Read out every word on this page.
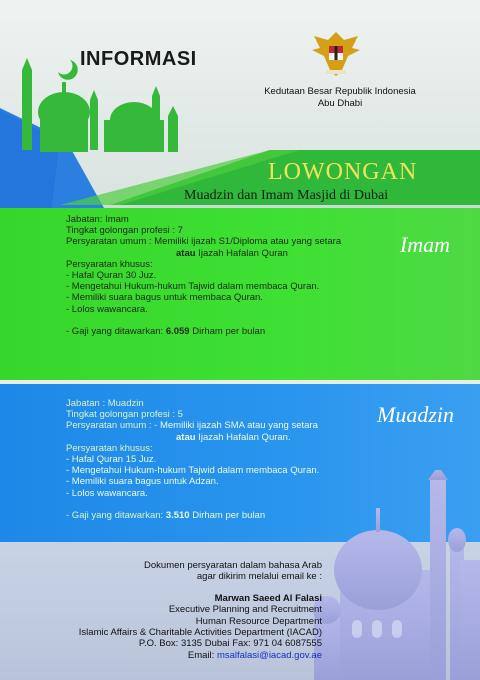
INFORMASI
Kedutaan Besar Republik Indonesia
Abu Dhabi
LOWONGAN
Muadzin dan Imam Masjid di Dubai
Imam
Jabatan: Imam
Tingkat golongan profesi : 7
Persyaratan umum : Memiliki ijazah S1/Diploma atau yang setara
atau Ijazah Hafalan Quran
Persyaratan khusus:
- Hafal Quran 30 Juz.
- Mengetahui Hukum-hukum Tajwid dalam membaca Quran.
- Memiliki suara bagus untuk membaca Quran.
- Lolos wawancara.
- Gaji yang ditawarkan: 6.059 Dirham per bulan
Muadzin
Jabatan : Muadzin
Tingkat golongan profesi : 5
Persyaratan umum : - Memiliki ijazah SMA atau yang setara
atau Ijazah Hafalan Quran.
Persyaratan khusus:
- Hafal Quran 15 Juz.
- Mengetahui Hukum-hukum Tajwid dalam membaca Quran.
- Memiliki suara bagus untuk Adzan.
- Lolos wawancara.
- Gaji yang ditawarkan: 3.510 Dirham per bulan
Dokumen persyaratan dalam bahasa Arab
agar dikirim melalui email ke :
Marwan Saeed Al Falasi
Executive Planning and Recruitment
Human Resource Department
Islamic Affairs & Charitable Activities Department (IACAD)
P.O. Box: 3135 Dubai Fax: 971 04 6087555
Email: msalfalasi@iacad.gov.ae
